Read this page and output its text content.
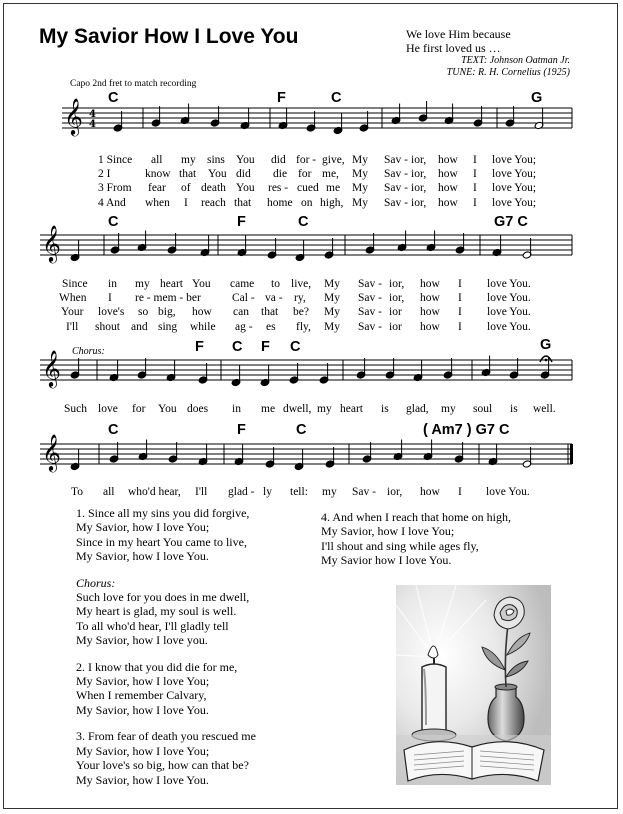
My Savior How I Love You	We love Him because
He first loved us …
TEXT: Johnson Oatman Jr.
TUNE: R. H. Cornelius (1925)
Capo 2nd fret to match recording
𝄞 4
4
𝄞
𝄞
𝄞
C	F	C	G
C	F	C	G7 C
Chorus:	F C F C	G
C	F	C	( Am7 ) G7 C
1 Since all my sins You did for - give, My Sav - ior, how I love You;
2 I	know that You did die for me, My Sav - ior, how I love You;
3 From fear of death You res - cued me My Sav - ior, how I love You;
4 And when I reach that home on high, My Sav - ior, how I love You;
Since in my heart You came to live, My Sav - ior, how I love You.
When I re - mem - ber	Cal - va - ry, My Sav - ior, how I love You.
Your love's so big, how can that be? My Sav - ior how I love You.
I'll shout and sing while ag - es fly, My Sav - ior how I love You.
Such love for You does in me dwell, my heart is glad, my soul is well.
To all who'd hear, I'll glad - ly tell: my Sav - ior, how I love You.

1. Since all my sins you did forgive,
My Savior, how I love You;
Since in my heart You came to live,
My Savior, how I love You.

Chorus:
Such love for you does in me dwell,
My heart is glad, my soul is well.
To all who'd hear, I'll gladly tell
My Savior, how I love you.

2. I know that you did die for me,
My Savior, how I love You;
When I remember Calvary,
My Savior, how I love You.

3. From fear of death you rescued me
My Savior, how I love You;
Your love's so big, how can that be?
My Savior, how I love You.

4. And when I reach that home on high,
My Savior, how I love You;
I'll shout and sing while ages fly,
My Savior how I love You.
